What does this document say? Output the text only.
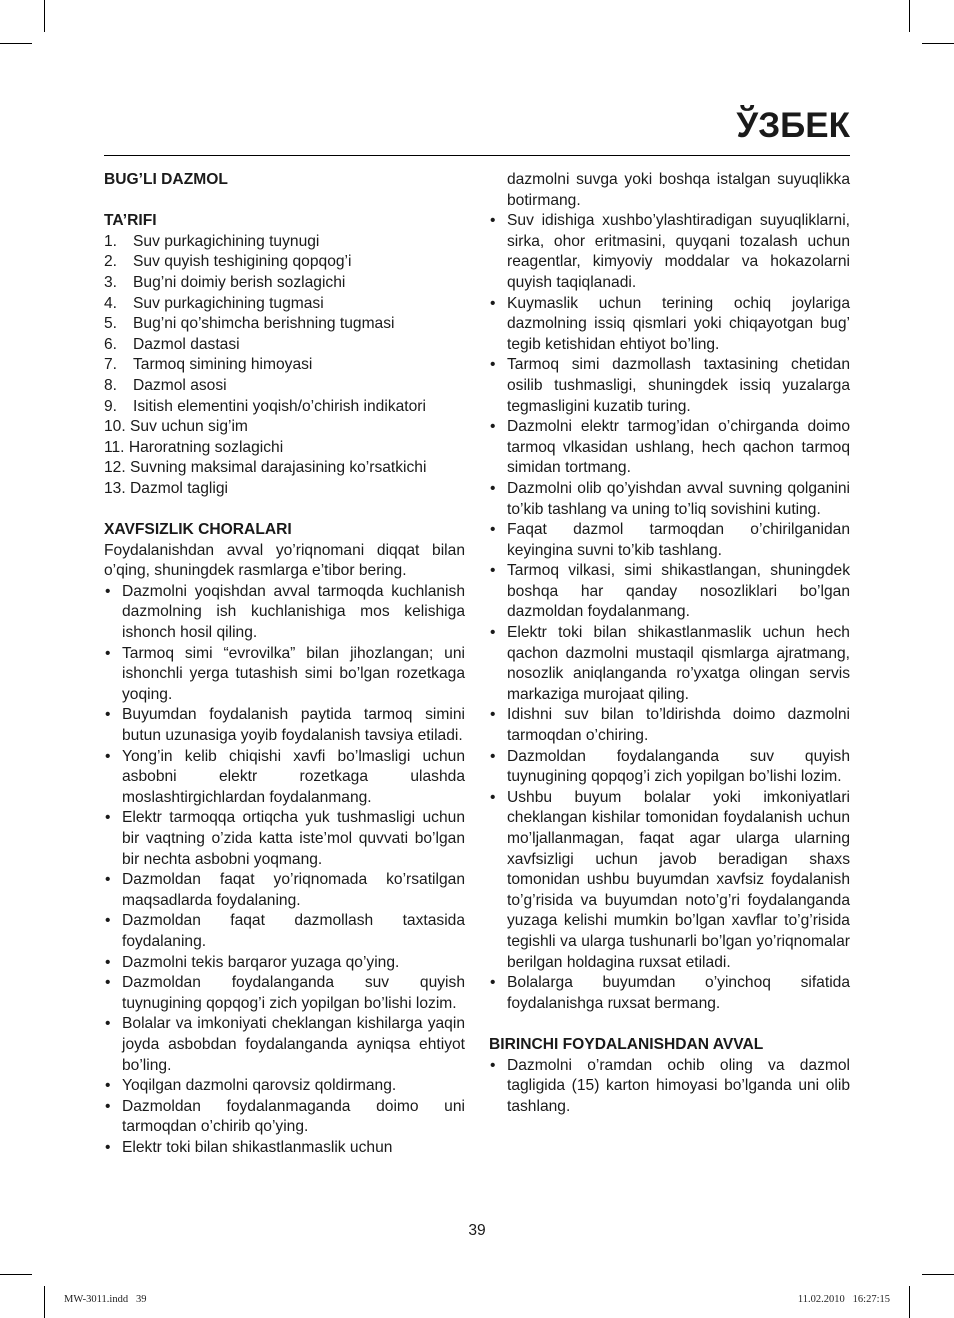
ЎЗБЕК
BUG’LI DAZMOL
TA’RIFI
1. Suv purkagichining tuynugi
2. Suv quyish teshigining qopqog’i
3. Bug’ni doimiy berish sozlagichi
4. Suv purkagichining tugmasi
5. Bug’ni qo’shimcha berishning tugmasi
6. Dazmol dastasi
7. Tarmoq simining himoyasi
8. Dazmol asosi
9. Isitish elementini yoqish/o’chirish indikatori
10. Suv uchun sig’im
11. Haroratning sozlagichi
12. Suvning maksimal darajasining ko’rsatkichi
13. Dazmol tagligi
XAVFSIZLIK CHORALARI
Foydalanishdan avval yo’riqnomani diqqat bilan o’qing, shuningdek rasmlarga e’tibor bering.
• Dazmolni yoqishdan avval tarmoqda kuchlanish dazmolning ish kuchlanishiga mos kelishiga ishonch hosil qiling.
• Tarmoq simi “evrovilka” bilan jihozlangan; uni ishonchli yerga tutashish simi bo’lgan rozetkaga yoqing.
• Buyumdan foydalanish paytida tarmoq simini butun uzunasiga yoyib foydalanish tavsiya etiladi.
• Yong’in kelib chiqishi xavfi bo’lmasligi uchun asbobni elektr rozetkaga ulashda moslashtirgichlardan foydalanmang.
• Elektr tarmoqqa ortiqcha yuk tushmasligi uchun bir vaqtning o’zida katta iste’mol quvvati bo’lgan bir nechta asbobni yoqmang.
• Dazmoldan faqat yo’riqnomada ko’rsatilgan maqsadlarda foydalaning.
• Dazmoldan faqat dazmollash taxtasida foydalaning.
• Dazmolni tekis barqaror yuzaga qo’ying.
• Dazmoldan foydalanganda suv quyish tuynugining qopqog’i zich yopilgan bo’lishi lozim.
• Bolalar va imkoniyati cheklangan kishilarga yaqin joyda asbobdan foydalanganda ayniqsa ehtiyot bo’ling.
• Yoqilgan dazmolni qarovsiz qoldirmang.
• Dazmoldan foydalanmaganda doimo uni tarmoqdan o’chirib qo’ying.
• Elektr toki bilan shikastlanmaslik uchun
dazmolni suvga yoki boshqa istalgan suyuqlikka botirmang.
• Suv idishiga xushbo’ylashtiradigan suyuqliklarni, sirka, ohor eritmasini, quyqani tozalash uchun reagentlar, kimyoviy moddalar va hokazolarni quyish taqiqlanadi.
• Kuymaslik uchun terining ochiq joylariga dazmolning issiq qismlari yoki chiqayotgan bug’ tegib ketishidan ehtiyot bo’ling.
• Tarmoq simi dazmollash taxtasining chetidan osilib tushmasligi, shuningdek issiq yuzalarga tegmasligini kuzatib turing.
• Dazmolni elektr tarmog’idan o’chirganda doimo tarmoq vlkasidan ushlang, hech qachon tarmoq simidan tortmang.
• Dazmolni olib qo’yishdan avval suvning qolganini to’kib tashlang va uning to’liq sovishini kuting.
• Faqat dazmol tarmoqdan o’chirilganidan keyingina suvni to’kib tashlang.
• Tarmoq vilkasi, simi shikastlangan, shuningdek boshqa har qanday nosozliklari bo’lgan dazmoldan foydalanmang.
• Elektr toki bilan shikastlanmaslik uchun hech qachon dazmolni mustaqil qismlarga ajratmang, nosozlik aniqlanganda ro’yxatga olingan servis markaziga murojaat qiling.
• Idishni suv bilan to’ldirishda doimo dazmolni tarmoqdan o’chiring.
• Dazmoldan foydalanganda suv quyish tuynugining qopqog’i zich yopilgan bo’lishi lozim.
• Ushbu buyum bolalar yoki imkoniyatlari cheklangan kishilar tomonidan foydalanish uchun mo’ljallanmagan, faqat agar ularga ularning xavfsizligi uchun javob beradigan shaxs tomonidan ushbu buyumdan xavfsiz foydalanish to’g’risida va buyumdan noto’g’ri foydalanganda yuzaga kelishi mumkin bo’lgan xavflar to’g’risida tegishli va ularga tushunarli bo’lgan yo’riqnomalar berilgan holdagina ruxsat etiladi.
• Bolalarga buyumdan o’yinchoq sifatida foydalanishga ruxsat bermang.
BIRINCHI FOYDALANISHDAN AVVAL
• Dazmolni o’ramdan ochib oling va dazmol tagligida (15) karton himoyasi bo’lganda uni olib tashlang.
39
MW-3011.indd   39	11.02.2010   16:27:15
